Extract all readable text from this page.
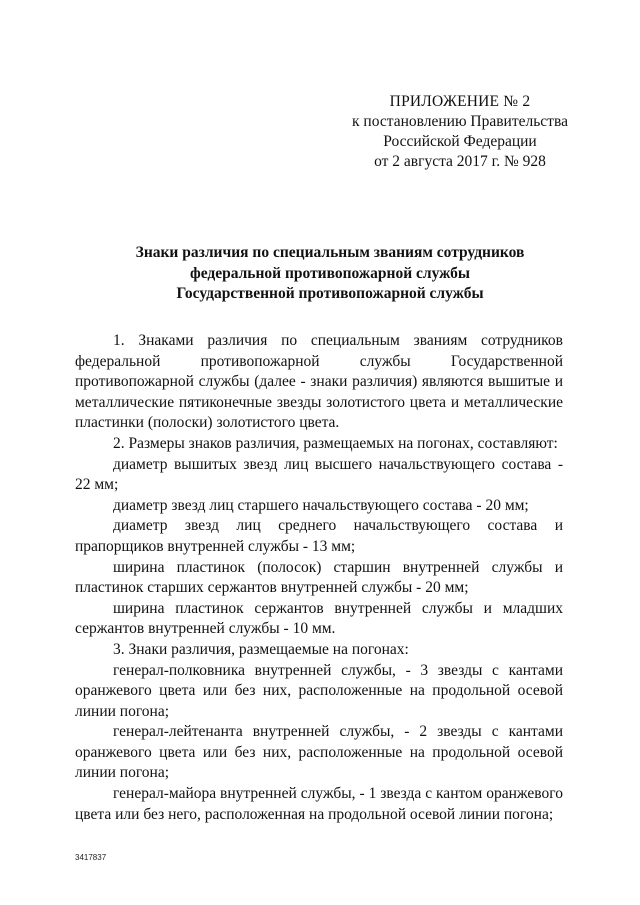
ПРИЛОЖЕНИЕ № 2
к постановлению Правительства
Российской Федерации
от 2 августа 2017 г. № 928
Знаки различия по специальным званиям сотрудников
федеральной противопожарной службы
Государственной противопожарной службы

1. Знаками различия по специальным званиям сотрудников федеральной противопожарной службы Государственной противопожарной службы (далее - знаки различия) являются вышитые и металлические пятиконечные звезды золотистого цвета и металлические пластинки (полоски) золотистого цвета.

2. Размеры знаков различия, размещаемых на погонах, составляют:

диаметр вышитых звезд лиц высшего начальствующего состава - 22 мм;

диаметр звезд лиц старшего начальствующего состава - 20 мм;

диаметр звезд лиц среднего начальствующего состава и прапорщиков внутренней службы - 13 мм;

ширина пластинок (полосок) старшин внутренней службы и пластинок старших сержантов внутренней службы - 20 мм;

ширина пластинок сержантов внутренней службы и младших сержантов внутренней службы - 10 мм.

3. Знаки различия, размещаемые на погонах:

генерал-полковника внутренней службы, - 3 звезды с кантами оранжевого цвета или без них, расположенные на продольной осевой линии погона;

генерал-лейтенанта внутренней службы, - 2 звезды с кантами оранжевого цвета или без них, расположенные на продольной осевой линии погона;

генерал-майора внутренней службы, - 1 звезда с кантом оранжевого цвета или без него, расположенная на продольной осевой линии погона;

3417837
